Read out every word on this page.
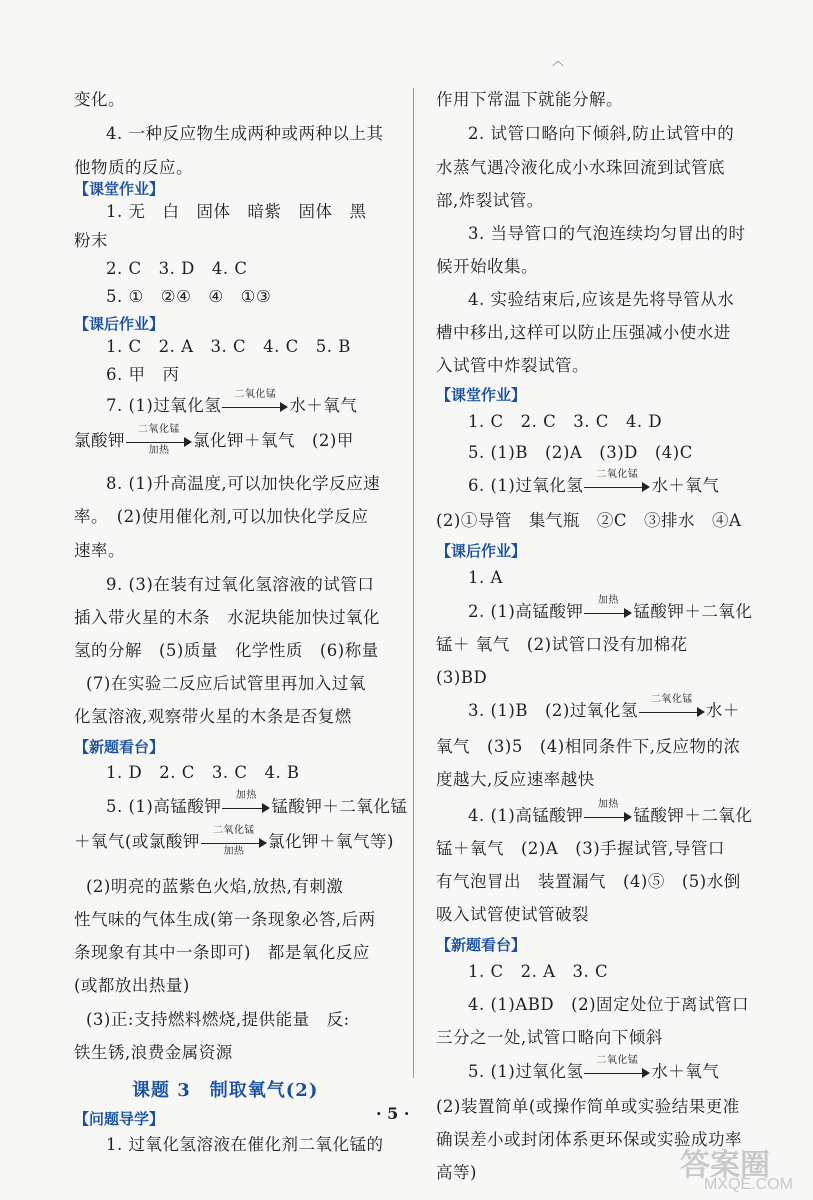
︿
变化。
4. 一种反应物生成两种或两种以上其
他物质的反应。
【课堂作业】
1. 无　白　固体　暗紫　固体　黑
粉末
2. C　3. D　4. C
5. ①　②④　④　①③
【课后作业】
1. C　2. A　3. C　4. C　5. B
6. 甲　丙
7. (1)过氧化氢
二氧化锰
水＋氧气
氯酸钾
二氧化锰
加热	氯化钾＋氧气　(2)甲
8. (1)升高温度,可以加快化学反应速
率。　(2)使用催化剂,可以加快化学反应
速率。
9. (3)在装有过氧化氢溶液的试管口
插入带火星的木条　水泥块能加快过氧化
氢的分解　(5)质量　化学性质　(6)称量
(7)在实验二反应后试管里再加入过氧
化氢溶液,观察带火星的木条是否复燃
【新题看台】
1. D　2. C　3. C　4. B
5. (1)高锰酸钾
加热
锰酸钾＋二氧化锰
＋氧气(或氯酸钾
二氧化锰
加热	氯化钾＋氧气等)
(2)明亮的蓝紫色火焰,放热,有刺激
性气味的气体生成(第一条现象必答,后两
条现象有其中一条即可)　都是氧化反应
(或都放出热量)
(3)正:支持燃料燃烧,提供能量　反:
铁生锈,浪费金属资源
课题 3　制取氧气(2)
【问题导学】
1. 过氧化氢溶液在催化剂二氧化锰的
作用下常温下就能分解。
2. 试管口略向下倾斜,防止试管中的
水蒸气遇冷液化成小水珠回流到试管底
部,炸裂试管。
3. 当导管口的气泡连续均匀冒出的时
候开始收集。
4. 实验结束后,应该是先将导管从水
槽中移出,这样可以防止压强减小使水进
入试管中炸裂试管。
【课堂作业】
1. C　2. C　3. C　4. D
5. (1)B　(2)A　(3)D　(4)C
6. (1)过氧化氢
二氧化锰
水＋氧气
(2)①导管　集气瓶　②C　③排水　④A
【课后作业】
1. A
2. (1)高锰酸钾
加热
锰酸钾＋二氧化
锰＋ 氧气　(2)试管口没有加棉花
(3)BD
3. (1)B　(2)过氧化氢
二氧化锰
水＋
氧气　(3)5　(4)相同条件下,反应物的浓
度越大,反应速率越快
4. (1)高锰酸钾
加热
锰酸钾＋二氧化
锰＋氧气　(2)A　(3)手握试管,导管口
有气泡冒出　装置漏气　(4)⑤　(5)水倒
吸入试管使试管破裂
【新题看台】
1. C　2. A　3. C
4. (1)ABD　(2)固定处位于离试管口
三分之一处,试管口略向下倾斜
5. (1)过氧化氢
二氧化锰
水＋氧气
(2)装置简单(或操作简单或实验结果更准
确误差小或封闭体系更环保或实验成功率
高等)
· 5 ·
答案圈
MXQE.COM
